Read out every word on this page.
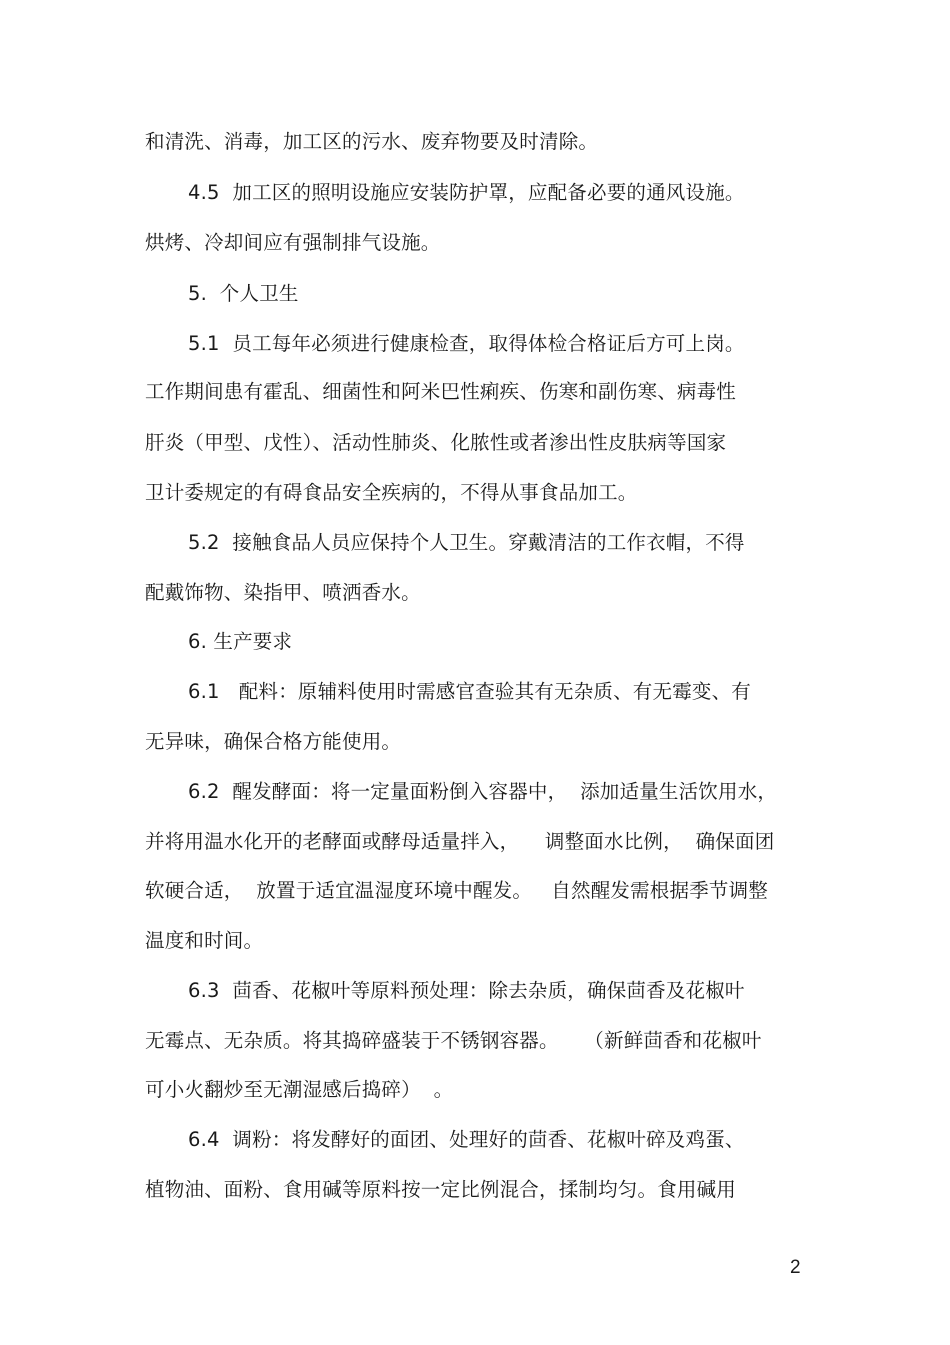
和清洗、消毒，加工区的污水、废弃物要及时清除。
4.5  加工区的照明设施应安装防护罩，应配备必要的通风设施。
烘烤、冷却间应有强制排气设施。
5.  个人卫生
5.1  员工每年必须进行健康检查，取得体检合格证后方可上岗。
工作期间患有霍乱、细菌性和阿米巴性痢疾、伤寒和副伤寒、病毒性
肝炎（甲型、戊性）、活动性肺炎、化脓性或者渗出性皮肤病等国家
卫计委规定的有碍食品安全疾病的，不得从事食品加工。
5.2  接触食品人员应保持个人卫生。穿戴清洁的工作衣帽，不得
配戴饰物、染指甲、喷洒香水。
6. 生产要求
6.1   配料：原辅料使用时需感官查验其有无杂质、有无霉变、有
无异味，确保合格方能使用。
6.2  醒发酵面：将一定量面粉倒入容器中，  添加适量生活饮用水，
并将用温水化开的老酵面或酵母适量拌入，    调整面水比例，  确保面团
软硬合适，  放置于适宜温湿度环境中醒发。   自然醒发需根据季节调整
温度和时间。
6.3  茴香、花椒叶等原料预处理：除去杂质，确保茴香及花椒叶
无霉点、无杂质。将其捣碎盛装于不锈钢容器。    （新鲜茴香和花椒叶
可小火翻炒至无潮湿感后捣碎）  。
6.4  调粉：将发酵好的面团、处理好的茴香、花椒叶碎及鸡蛋、
植物油、面粉、食用碱等原料按一定比例混合，揉制均匀。食用碱用
2
